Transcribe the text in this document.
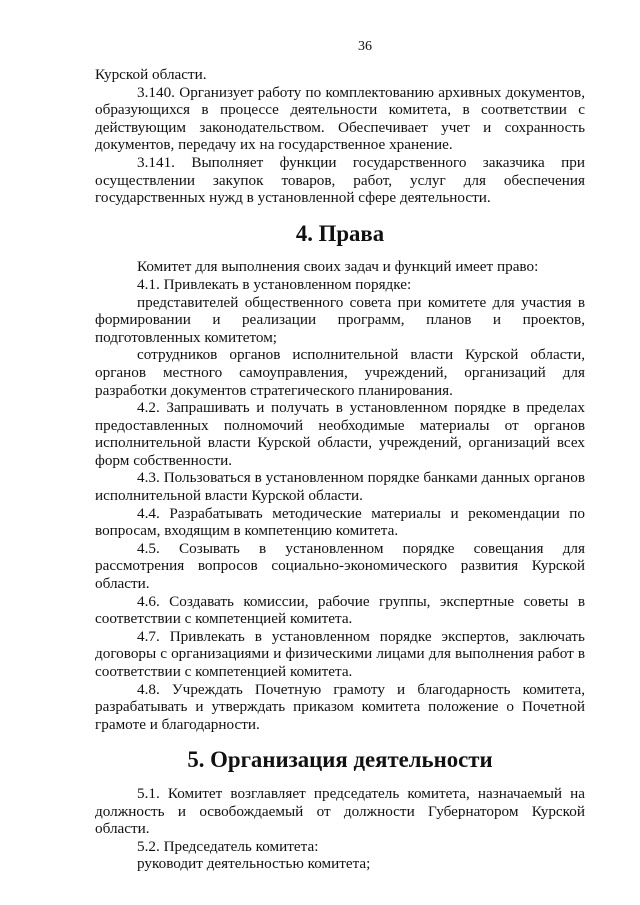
36

Курской области.

3.140. Организует работу по комплектованию архивных документов, образующихся в процессе деятельности комитета, в соответствии с действующим законодательством. Обеспечивает учет и сохранность документов, передачу их на государственное хранение.

3.141. Выполняет функции государственного заказчика при осуществлении закупок товаров, работ, услуг для обеспечения государственных нужд в установленной сфере деятельности.

4. Права

Комитет для выполнения своих задач и функций имеет право:

4.1. Привлекать в установленном порядке:

представителей общественного совета при комитете для участия в формировании и реализации программ, планов и проектов, подготовленных комитетом;

сотрудников органов исполнительной власти Курской области, органов местного самоуправления, учреждений, организаций для разработки документов стратегического планирования.

4.2. Запрашивать и получать в установленном порядке в пределах предоставленных полномочий необходимые материалы от органов исполнительной власти Курской области, учреждений, организаций всех форм собственности.

4.3. Пользоваться в установленном порядке банками данных органов исполнительной власти Курской области.

4.4. Разрабатывать методические материалы и рекомендации по вопросам, входящим в компетенцию комитета.

4.5. Созывать в установленном порядке совещания для рассмотрения вопросов социально-экономического развития Курской области.

4.6. Создавать комиссии, рабочие группы, экспертные советы в соответствии с компетенцией комитета.

4.7. Привлекать в установленном порядке экспертов, заключать договоры с организациями и физическими лицами для выполнения работ в соответствии с компетенцией комитета.

4.8. Учреждать Почетную грамоту и благодарность комитета, разрабатывать и утверждать приказом комитета положение о Почетной грамоте и благодарности.

5. Организация деятельности

5.1. Комитет возглавляет председатель комитета, назначаемый на должность и освобождаемый от должности Губернатором Курской области.

5.2. Председатель комитета:

руководит деятельностью комитета;
